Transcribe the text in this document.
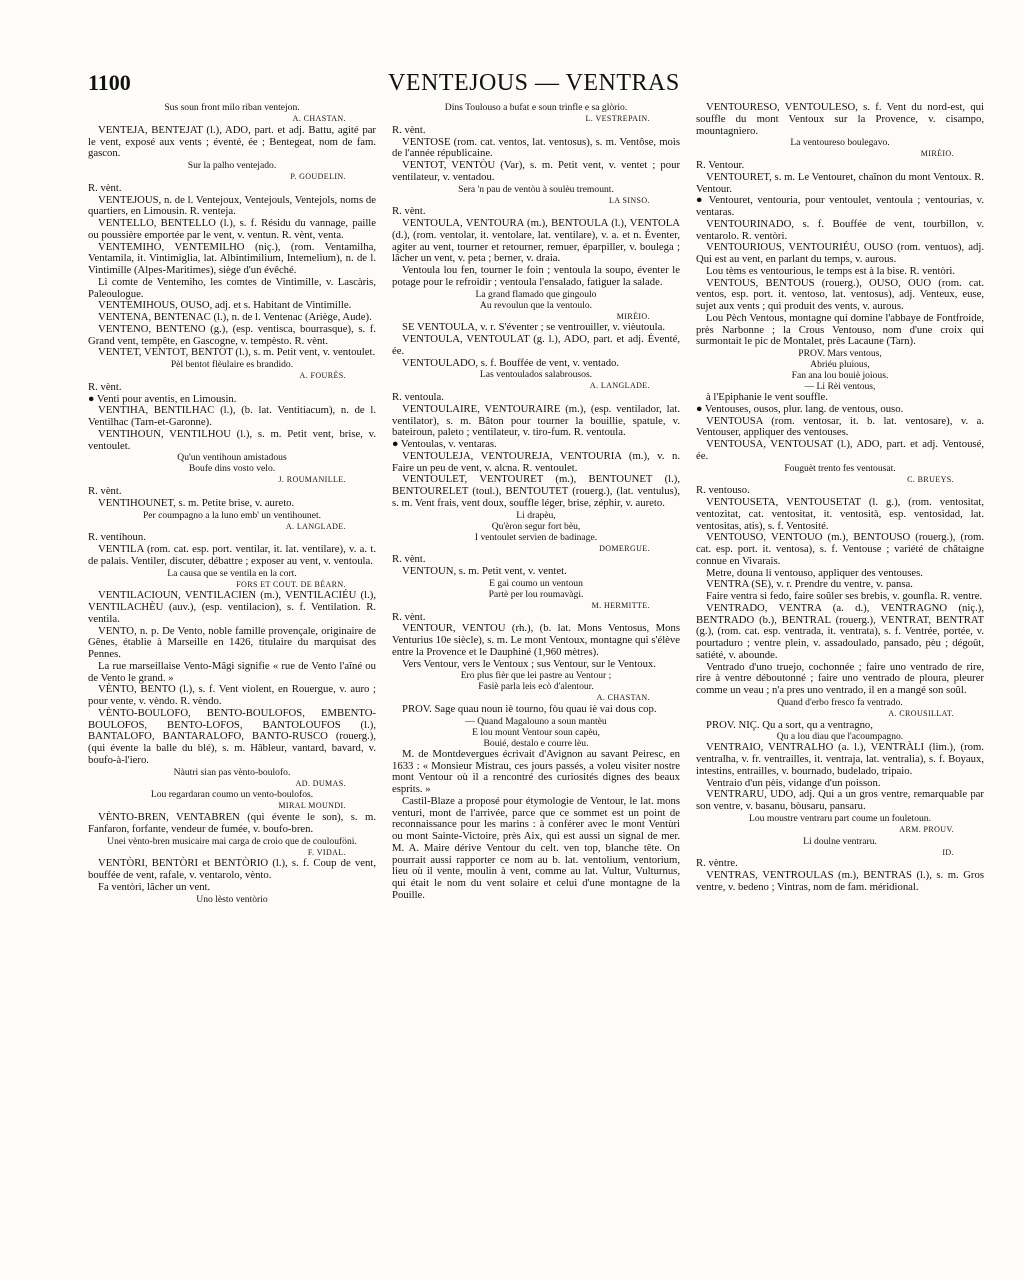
1100	VENTEJOUS — VENTRAS

Sus soun front milo riban ventejon.

A. CHASTAN.

VENTEJA, BENTEJAT (l.), ADO, part. et adj. Battu, agité par le vent, exposé aux vents ; éventé, ée ; Bentegeat, nom de fam. gascon.

Sur la palho ventejado.

P. GOUDELIN.

R. vènt.

VENTEJOUS, n. de l. Ventejoux, Ventejouls, Ventejols, noms de quartiers, en Limousin. R. venteja.

VENTELLO, BENTELLO (l.), s. f. Résidu du vannage, paille ou poussière emportée par le vent, v. ventun. R. vènt, venta.

VENTEMIHO, VENTEMILHO (niç.), (rom. Ventamilha, Ventamila, it. Vintimiglia, lat. Albintimilium, Intemelium), n. de l. Vintimille (Alpes-Maritimes), siège d'un évêché.

Li comte de Ventemiho, les comtes de Vintimille, v. Lascàris, Paleoulogue.

VENTEMIHOUS, OUSO, adj. et s. Habitant de Vintimille.

VENTENA, BENTENAC (l.), n. de l. Ventenac (Ariège, Aude).

VENTENO, BENTENO (g.), (esp. ventisca, bourrasque), s. f. Grand vent, tempête, en Gascogne, v. tempèsto. R. vènt.

VENTET, VENTOT, BENTOT (l.), s. m. Petit vent, v. ventoulet.

Pèl bentot flèulaire es brandido.

A. FOURÈS.

R. vènt.

● Venti pour aventis, en Limousin.

VENTIHA, BENTILHAC (l.), (b. lat. Ventitiacum), n. de l. Ventilhac (Tarn-et-Garonne).

VENTIHOUN, VENTILHOU (l.), s. m. Petit vent, brise, v. ventoulet.

Qu'un ventihoun amistadous

Boufe dins vosto velo.

J. ROUMANILLE.

R. vènt.

VENTIHOUNET, s. m. Petite brise, v. aureto.

Per coumpagno a la luno emb' un ventihounet.

A. LANGLADE.

R. ventihoun.

VENTILA (rom. cat. esp. port. ventilar, it. lat. ventilare), v. a. t. de palais. Ventiler, discuter, débattre ; exposer au vent, v. ventoula.

La causa que se ventila en la cort.

FORS ET COUT. DE BÉARN.

VENTILACIOUN, VENTILACIEN (m.), VENTILACIÉU (l.), VENTILACHÈU (auv.), (esp. ventilacion), s. f. Ventilation. R. ventila.

VENTO, n. p. De Vento, noble famille provençale, originaire de Gênes, établie à Marseille en 1426, titulaire du marquisat des Pennes.

La rue marseillaise Vento-Mâgi signifie « rue de Vento l'aîné ou de Vento le grand. »

VÈNTO, BENTO (l.), s. f. Vent violent, en Rouergue, v. auro ; pour vente, v. vèndo. R. vèndo.

VÈNTO-BOULOFO, BENTO-BOULOFOS, EMBENTO-BOULOFOS, BENTO-LOFOS, BANTOLOUFOS (l.), BANTALOFO, BANTARALOFO, BANTO-RUSCO (rouerg.), (qui évente la balle du blé), s. m. Hâbleur, vantard, bavard, v. boufo-à-l'iero.

Nàutri sian pas vènto-boulofo.

AD. DUMAS.

Lou regardaran coumo un vento-boulofos.

MIRAL MOUNDI.

VÈNTO-BREN, VENTABREN (qui évente le son), s. m. Fanfaron, forfante, vendeur de fumée, v. boufo-bren.

Unei vènto-bren musicaire mai carga de croio que de coulouföni.

F. VIDAL.

VENTÒRI, BENTÒRI et BENTÒRIO (l.), s. f. Coup de vent, bouffée de vent, rafale, v. ventarolo, vènto.

Fa ventòri, lâcher un vent.

Uno lèsto ventòrio

Dins Toulouso a bufat e soun trinfle e sa glòrio.

L. VESTREPAIN.

R. vènt.

VENTOSE (rom. cat. ventos, lat. ventosus), s. m. Ventôse, mois de l'année républicaine.

VENTOT, VENTÒU (Var), s. m. Petit vent, v. ventet ; pour ventilateur, v. ventadou.

Sera 'n pau de ventòu à soulèu tremount.

LA SINSO.

R. vènt.

VENTOULA, VENTOURA (m.), BENTOULA (l.), VENTOLA (d.), (rom. ventolar, it. ventolare, lat. ventilare), v. a. et n. Éventer, agiter au vent, tourner et retourner, remuer, éparpiller, v. boulega ; lâcher un vent, v. peta ; berner, v. draia.

Ventoula lou fen, tourner le foin ; ventoula la soupo, éventer le potage pour le refroidir ; ventoula l'ensalado, fatiguer la salade.

La grand flamado que gingoulo

Au revoulun que la ventoulo.

MIRÈIO.

SE VENTOULA, v. r. S'éventer ; se ventrouiller, v. vièutoula.

VENTOULA, VENTOULAT (g. l.), ADO, part. et adj. Éventé, ée.

VENTOULADO, s. f. Bouffée de vent, v. ventado.

Las ventoulados salabrousos.

A. LANGLADE.

R. ventoula.

VENTOULAIRE, VENTOURAIRE (m.), (esp. ventilador, lat. ventilator), s. m. Bâton pour tourner la bouillie, spatule, v. bateiroun, paleto ; ventilateur, v. tiro-fum. R. ventoula.

● Ventoulas, v. ventaras.

VENTOULEJA, VENTOUREJA, VENTOURIA (m.), v. n. Faire un peu de vent, v. alcna. R. ventoulet.

VENTOULET, VENTOURET (m.), BENTOUNET (l.), BENTOURELET (toul.), BENTOUTET (rouerg.), (lat. ventulus), s. m. Vent frais, vent doux, souffle léger, brise, zéphir, v. aureto.

Li drapèu,

Qu'èron segur fort bèu,

I ventoulet servien de badinage.

DOMERGUE.

R. vènt.

VENTOUN, s. m. Petit vent, v. ventet.

E gai coumo un ventoun

Partè per lou roumavàgi.

M. HERMITTE.

R. vènt.

VENTOUR, VENTOU (rh.), (b. lat. Mons Ventosus, Mons Venturius 10e siècle), s. m. Le mont Ventoux, montagne qui s'élève entre la Provence et le Dauphiné (1,960 mètres).

Vers Ventour, vers le Ventoux ; sus Ventour, sur le Ventoux.

Ero plus fièr que lei pastre au Ventour ;

Fasiè parla leis ecò d'alentour.

A. CHASTAN.

PROV. Sage quau noun iè tourno, fòu quau iè vai dous cop.

— Quand Magalouno a soun mantèu

E lou mount Ventour soun capèu,

Bouié, destalo e courre lèu.

M. de Montdevergues écrivait d'Avignon au savant Peiresc, en 1633 : « Monsieur Mistrau, ces jours passés, a voleu visiter nostre mont Ventour où il a rencontré des curiosités dignes des beaux esprits. »

Castil-Blaze a proposé pour étymologie de Ventour, le lat. mons venturi, mont de l'arrivée, parce que ce sommet est un point de reconnaissance pour les marins : à conférer avec le mont Ventùri ou mont Sainte-Victoire, près Aix, qui est aussi un signal de mer. M. A. Maire dérive Ventour du celt. ven top, blanche tête. On pourrait aussi rapporter ce nom au b. lat. ventolium, ventorium, lieu où il vente, moulin à vent, comme au lat. Vultur, Vulturnus, qui était le nom du vent solaire et celui d'une montagne de la Pouille.

VENTOURESO, VENTOULESO, s. f. Vent du nord-est, qui souffle du mont Ventoux sur la Provence, v. cisampo, mountagniero.

La ventoureso boulegavo.

MIRÈIO.

R. Ventour.

VENTOURET, s. m. Le Ventouret, chaînon du mont Ventoux. R. Ventour.

● Ventouret, ventouria, pour ventoulet, ventoula ; ventourias, v. ventaras.

VENTOURINADO, s. f. Bouffée de vent, tourbillon, v. ventarolo. R. ventòri.

VENTOURIOUS, VENTOURIÉU, OUSO (rom. ventuos), adj. Qui est au vent, en parlant du temps, v. aurous.

Lou tèms es ventourious, le temps est à la bise. R. ventòri.

VENTOUS, BENTOUS (rouerg.), OUSO, OUO (rom. cat. ventos, esp. port. it. ventoso, lat. ventosus), adj. Venteux, euse, sujet aux vents ; qui produit des vents, v. aurous.

Lou Pèch Ventous, montagne qui domine l'abbaye de Fontfroide, près Narbonne ; la Crous Ventouso, nom d'une croix qui surmontait le pic de Montalet, près Lacaune (Tarn).

PROV. Mars ventous,

Abriéu pluious,

Fan ana lou bouiè joious.

— Li Rèi ventous,

à l'Epiphanie le vent souffle.

● Ventouses, ousos, plur. lang. de ventous, ouso.

VENTOUSA (rom. ventosar, it. b. lat. ventosare), v. a. Ventouser, appliquer des ventouses.

VENTOUSA, VENTOUSAT (l.), ADO, part. et adj. Ventousé, ée.

Fouguèt trento fes ventousat.

C. BRUEYS.

R. ventouso.

VENTOUSETA, VENTOUSETAT (l. g.), (rom. ventositat, ventozitat, cat. ventositat, it. ventosità, esp. ventosidad, lat. ventositas, atis), s. f. Ventosité.

VENTOUSO, VENTOUO (m.), BENTOUSO (rouerg.), (rom. cat. esp. port. it. ventosa), s. f. Ventouse ; variété de châtaigne connue en Vivarais.

Metre, douna li ventouso, appliquer des ventouses.

VENTRA (SE), v. r. Prendre du ventre, v. pansa.

Faire ventra si fedo, faire soûler ses brebis, v. gounfla. R. ventre.

VENTRADO, VENTRA (a. d.), VENTRAGNO (niç.), BENTRADO (b.), BENTRAL (rouerg.), VENTRAT, BENTRAT (g.), (rom. cat. esp. ventrada, it. ventrata), s. f. Ventrée, portée, v. pourtaduro ; ventre plein, v. assadoulado, pansado, pèu ; dégoût, satiété, v. abounde.

Ventrado d'uno truejo, cochonnée ; faire uno ventrado de rire, rire à ventre déboutonné ; faire uno ventrado de ploura, pleurer comme un veau ; n'a pres uno ventrado, il en a mangé son soûl.

Quand d'erbo fresco fa ventrado.

A. CROUSILLAT.

PROV. NIÇ. Qu a sort, qu a ventragno,

Qu a lou diau que l'acoumpagno.

VENTRAIO, VENTRALHO (a. l.), VENTRÀLI (lim.), (rom. ventralha, v. fr. ventrailles, it. ventraja, lat. ventralia), s. f. Boyaux, intestins, entrailles, v. bournado, budelado, tripaio.

Ventraio d'un pèis, vidange d'un poisson.

VENTRARU, UDO, adj. Qui a un gros ventre, remarquable par son ventre, v. basanu, bòusaru, pansaru.

Lou moustre ventraru part coume un fouletoun.

ARM. PROUV.

Li doulne ventraru.

ID.

R. vèntre.

VENTRAS, VENTROULAS (m.), BENTRAS (l.), s. m. Gros ventre, v. bedeno ; Vintras, nom de fam. méridional.
